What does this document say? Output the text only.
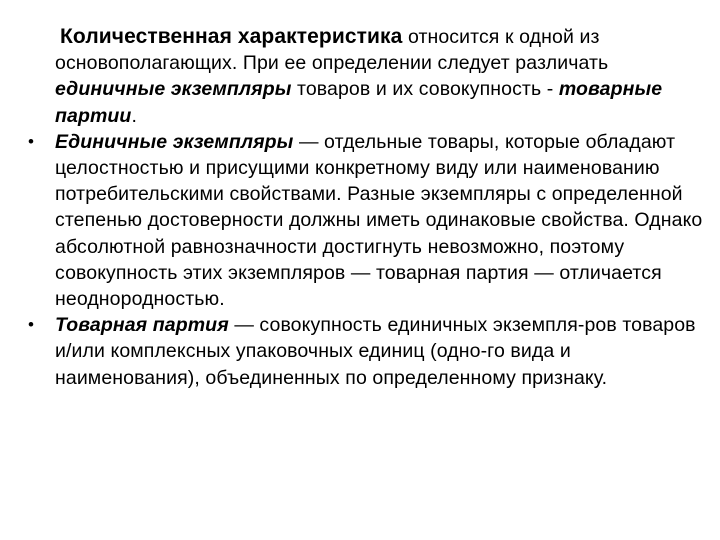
Количественная характеристика относится к одной из основополагающих. При ее определении следует различать единичные экземпляры товаров и их совокупность - товарные партии.

•	Единичные экземпляры — отдельные товары, которые обладают целостностью и присущими конкретному виду или наименованию потребительскими свойствами. Разные экземпляры с определенной степенью достоверности должны иметь одинаковые свойства. Однако абсолютной равнозначности достигнуть невозможно, поэтому совокупность этих экземпляров — товарная партия — отличается неоднородностью.

•	Товарная партия — совокупность единичных экземпля-ров товаров и/или комплексных упаковочных единиц (одно-го вида и наименования), объединенных по определенному признаку.
